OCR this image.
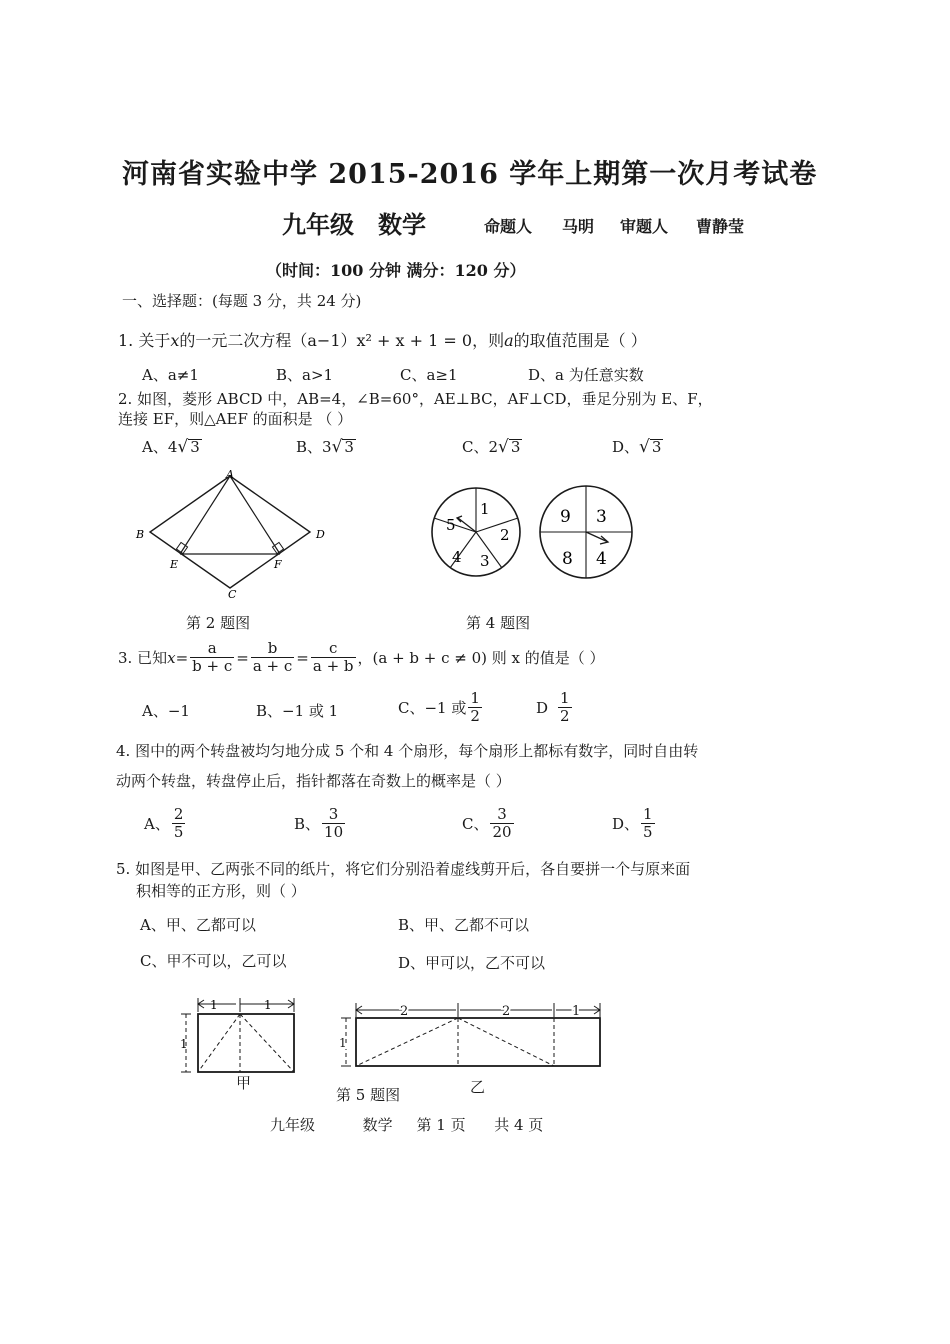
河南省实验中学 2015-2016 学年上期第一次月考试卷
九年级 数学	命题人 马明 审题人 曹静莹
（时间：100 分钟 满分：120 分）
一、选择题：(每题 3 分，共 24 分)
1. 关于x的一元二次方程（a−1）x² + x + 1 = 0，则a的取值范围是（ ）
A、a≠1	B、a>1	C、a≥1	D、a 为任意实数
2. 如图，菱形 ABCD 中，AB=4，∠B=60°，AE⊥BC，AF⊥CD，垂足分别为 E、F，
连接 EF，则△AEF 的面积是 （ ）
A、4√ 3	B、3√ 3	C、2√ 3	D、√ 3
A
B
C
D
E	F
第 2 题图
1
2
3
4
5	9 3
4
8
第 4 题图
3. 已知 $x = \frac{a}{b + c} = \frac{b}{a + c} = \frac{c}{a + b}$ ，(a + b + c ≠ 0) 则 x 的值是（ ）
A、−1	B、−1 或 1	C、−1 或 $\frac{1}{2}$	D $\frac{1}{2}$
4. 图中的两个转盘被均匀地分成 5 个和 4 个扇形，每个扇形上都标有数字，同时自由转
动两个转盘，转盘停止后，指针都落在奇数上的概率是（ ）
A、 $\frac{2}{5}$	B、 $\frac{3}{10}$	C、 $\frac{3}{20}$	D、 $\frac{1}{5}$
5. 如图是甲、乙两张不同的纸片，将它们分别沿着虚线剪开后，各自要拼一个与原来面
积相等的正方形，则（ ）
A、甲、乙都可以	B、甲、乙都不可以
C、甲不可以，乙可以	D、甲可以，乙不可以
1	1
1
甲
2	2	1
1
第 5 题图	乙
九年级          数学     第 1 页      共 4 页
